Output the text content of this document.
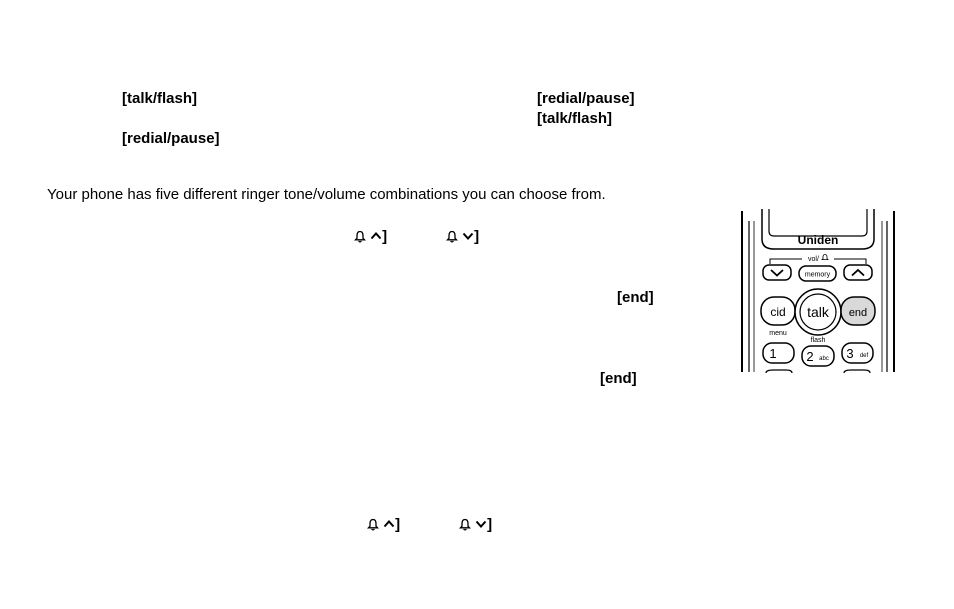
[talk/flash]
[redial/pause]
[redial/pause]
[talk/flash]
Your phone has five different ringer tone/volume combinations you can choose from.
]	]
[end]
[end]
]	]
Uniden
vol/
memory
cid
menu
talk
flash
end
1 2 abc 3 def
